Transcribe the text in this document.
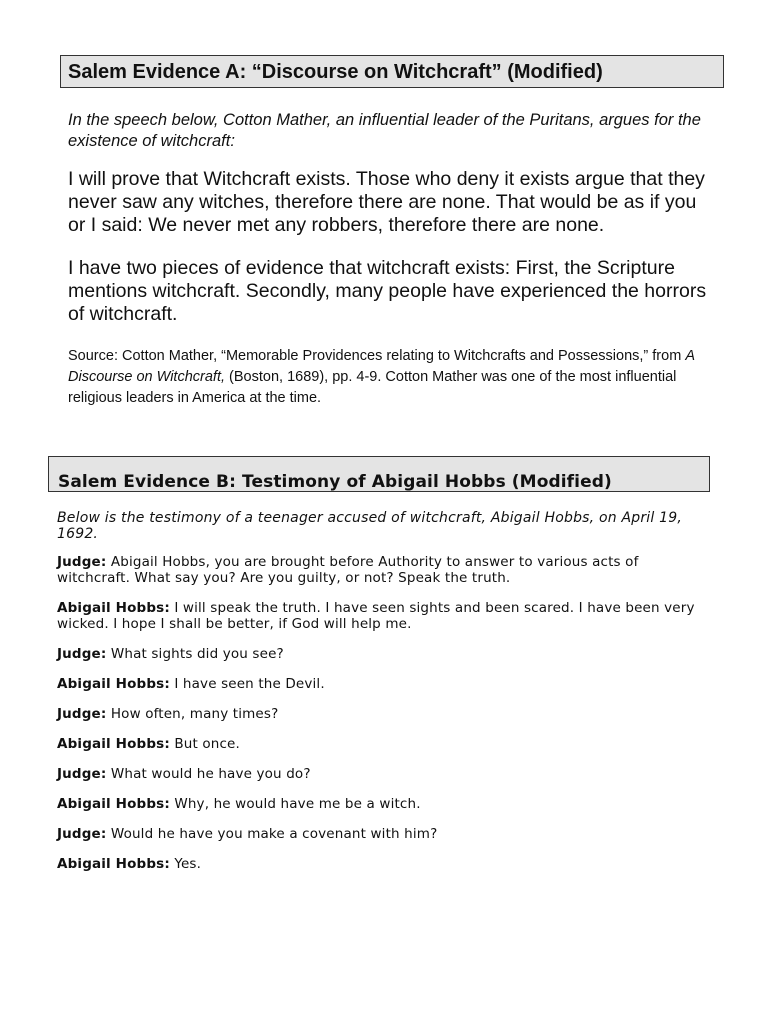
Salem Evidence A: “Discourse on Witchcraft” (Modified)
In the speech below, Cotton Mather, an influential leader of the Puritans, argues for the existence of witchcraft:

I will prove that Witchcraft exists. Those who deny it exists argue that they never saw any witches, therefore there are none. That would be as if you or I said: We never met any robbers, therefore there are none.

I have two pieces of evidence that witchcraft exists: First, the Scripture mentions witchcraft. Secondly, many people have experienced the horrors of witchcraft.

Source: Cotton Mather, “Memorable Providences relating to Witchcrafts and Possessions,” from A Discourse on Witchcraft, (Boston, 1689), pp. 4-9. Cotton Mather was one of the most influential religious leaders in America at the time.
Salem Evidence B: Testimony of Abigail Hobbs (Modified)
Below is the testimony of a teenager accused of witchcraft, Abigail Hobbs, on April 19, 1692.
Judge: Abigail Hobbs, you are brought before Authority to answer to various acts of witchcraft. What say you? Are you guilty, or not? Speak the truth.
Abigail Hobbs: I will speak the truth. I have seen sights and been scared. I have been very wicked. I hope I shall be better, if God will help me.
Judge: What sights did you see?
Abigail Hobbs: I have seen the Devil.
Judge: How often, many times?
Abigail Hobbs: But once.
Judge: What would he have you do?
Abigail Hobbs: Why, he would have me be a witch.
Judge: Would he have you make a covenant with him?
Abigail Hobbs: Yes.
